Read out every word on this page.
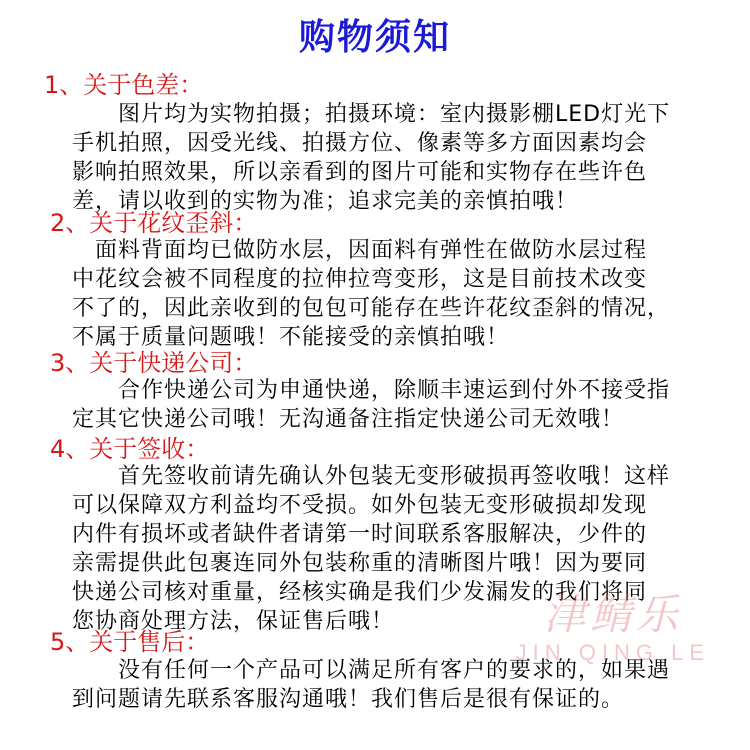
购物须知
1、关于色差：
　　图片均为实物拍摄；拍摄环境：室内摄影棚LED灯光下
手机拍照，因受光线、拍摄方位、像素等多方面因素均会
影响拍照效果，所以亲看到的图片可能和实物存在些许色
差，请以收到的实物为准；追求完美的亲慎拍哦！
2、关于花纹歪斜：
　面料背面均已做防水层，因面料有弹性在做防水层过程
中花纹会被不同程度的拉伸拉弯变形，这是目前技术改变
不了的，因此亲收到的包包可能存在些许花纹歪斜的情况，
不属于质量问题哦！不能接受的亲慎拍哦！
3、关于快递公司：
　　合作快递公司为申通快递，除顺丰速运到付外不接受指
定其它快递公司哦！无沟通备注指定快递公司无效哦！
4、关于签收：
　　首先签收前请先确认外包装无变形破损再签收哦！这样
可以保障双方利益均不受损。如外包装无变形破损却发现
内件有损坏或者缺件者请第一时间联系客服解决，少件的
亲需提供此包裹连同外包装称重的清晰图片哦！因为要同
快递公司核对重量，经核实确是我们少发漏发的我们将同
您协商处理方法，保证售后哦！
5、关于售后：
　　没有任何一个产品可以满足所有客户的要求的，如果遇
到问题请先联系客服沟通哦！我们售后是很有保证的。
津鲭乐
JIN QING LE
